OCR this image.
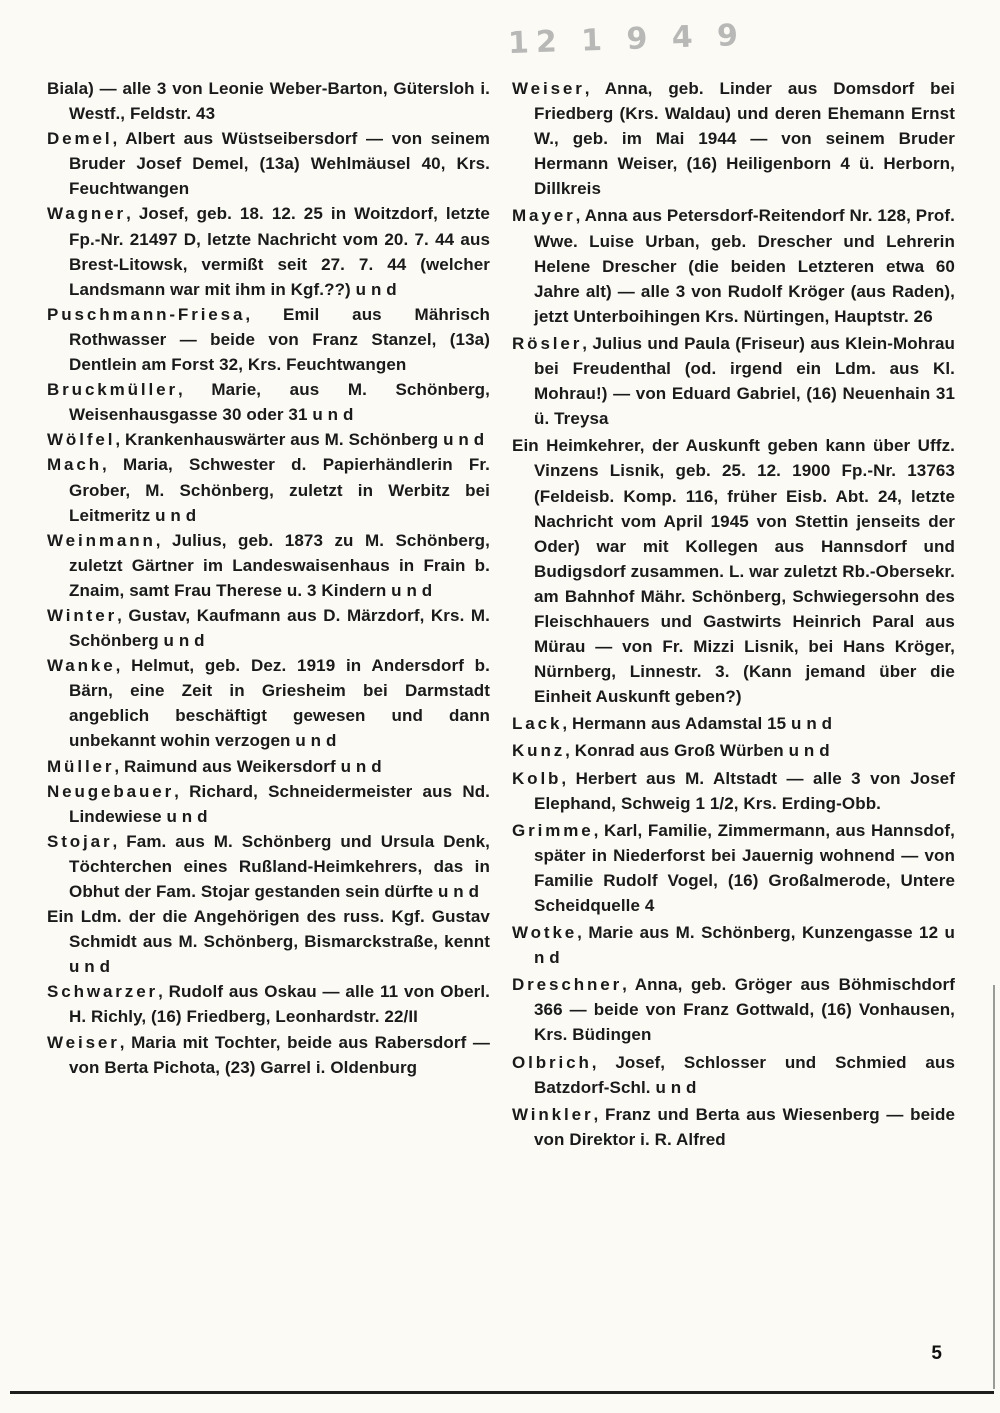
12 1 9 4 9

Biala) — alle 3 von Leonie Weber-Barton, Gütersloh i. Westf., Feldstr. 43

Demel, Albert aus Wüstseibersdorf — von seinem Bruder Josef Demel, (13a) Wehlmäusel 40, Krs. Feuchtwangen

Wagner, Josef, geb. 18. 12. 25 in Woitzdorf, letzte Fp.-Nr. 21497 D, letzte Nachricht vom 20. 7. 44 aus Brest-Litowsk, vermißt seit 27. 7. 44 (welcher Landsmann war mit ihm in Kgf.??) u n d

Puschmann-Friesa, Emil aus Mährisch Rothwasser — beide von Franz Stanzel, (13a) Dentlein am Forst 32, Krs. Feuchtwangen

Bruckmüller, Marie, aus M. Schönberg, Weisenhausgasse 30 oder 31 u n d

Wölfel, Krankenhauswärter aus M. Schönberg u n d

Mach, Maria, Schwester d. Papierhändlerin Fr. Grober, M. Schönberg, zuletzt in Werbitz bei Leitmeritz u n d

Weinmann, Julius, geb. 1873 zu M. Schönberg, zuletzt Gärtner im Landeswaisenhaus in Frain b. Znaim, samt Frau Therese u. 3 Kindern u n d

Winter, Gustav, Kaufmann aus D. Märzdorf, Krs. M. Schönberg u n d

Wanke, Helmut, geb. Dez. 1919 in Andersdorf b. Bärn, eine Zeit in Griesheim bei Darmstadt angeblich beschäftigt gewesen und dann unbekannt wohin verzogen u n d

Müller, Raimund aus Weikersdorf u n d

Neugebauer, Richard, Schneidermeister aus Nd. Lindewiese u n d

Stojar, Fam. aus M. Schönberg und Ursula Denk, Töchterchen eines Rußland-Heimkehrers, das in Obhut der Fam. Stojar gestanden sein dürfte u n d

Ein Ldm. der die Angehörigen des russ. Kgf. Gustav Schmidt aus M. Schönberg, Bismarckstraße, kennt u n d

Schwarzer, Rudolf aus Oskau — alle 11 von Oberl. H. Richly, (16) Friedberg, Leonhardstr. 22/II

Weiser, Maria mit Tochter, beide aus Rabersdorf — von Berta Pichota, (23) Garrel i. Oldenburg

Weiser, Anna, geb. Linder aus Domsdorf bei Friedberg (Krs. Waldau) und deren Ehemann Ernst W., geb. im Mai 1944 — von seinem Bruder Hermann Weiser, (16) Heiligenborn 4 ü. Herborn, Dillkreis

Mayer, Anna aus Petersdorf-Reitendorf Nr. 128, Prof. Wwe. Luise Urban, geb. Drescher und Lehrerin Helene Drescher (die beiden Letzteren etwa 60 Jahre alt) — alle 3 von Rudolf Kröger (aus Raden), jetzt Unterboihingen Krs. Nürtingen, Hauptstr. 26

Rösler, Julius und Paula (Friseur) aus Klein-Mohrau bei Freudenthal (od. irgend ein Ldm. aus Kl. Mohrau!) — von Eduard Gabriel, (16) Neuenhain 31 ü. Treysa

Ein Heimkehrer, der Auskunft geben kann über Uffz. Vinzens Lisnik, geb. 25. 12. 1900 Fp.-Nr. 13763 (Feldeisb. Komp. 116, früher Eisb. Abt. 24, letzte Nachricht vom April 1945 von Stettin jenseits der Oder) war mit Kollegen aus Hannsdorf und Budigsdorf zusammen. L. war zuletzt Rb.-Obersekr. am Bahnhof Mähr. Schönberg, Schwiegersohn des Fleischhauers und Gastwirts Heinrich Paral aus Mürau — von Fr. Mizzi Lisnik, bei Hans Kröger, Nürnberg, Linnestr. 3. (Kann jemand über die Einheit Auskunft geben?)

Lack, Hermann aus Adamstal 15 u n d

Kunz, Konrad aus Groß Würben u n d

Kolb, Herbert aus M. Altstadt — alle 3 von Josef Elephand, Schweig 1 1/2, Krs. Erding-Obb.

Grimme, Karl, Familie, Zimmermann, aus Hannsdof, später in Niederforst bei Jauernig wohnend — von Familie Rudolf Vogel, (16) Großalmerode, Untere Scheidquelle 4

Wotke, Marie aus M. Schönberg, Kunzengasse 12 u n d

Dreschner, Anna, geb. Gröger aus Böhmischdorf 366 — beide von Franz Gottwald, (16) Vonhausen, Krs. Büdingen

Olbrich, Josef, Schlosser und Schmied aus Batzdorf-Schl. u n d

Winkler, Franz und Berta aus Wiesenberg — beide von Direktor i. R. Alfred

5
